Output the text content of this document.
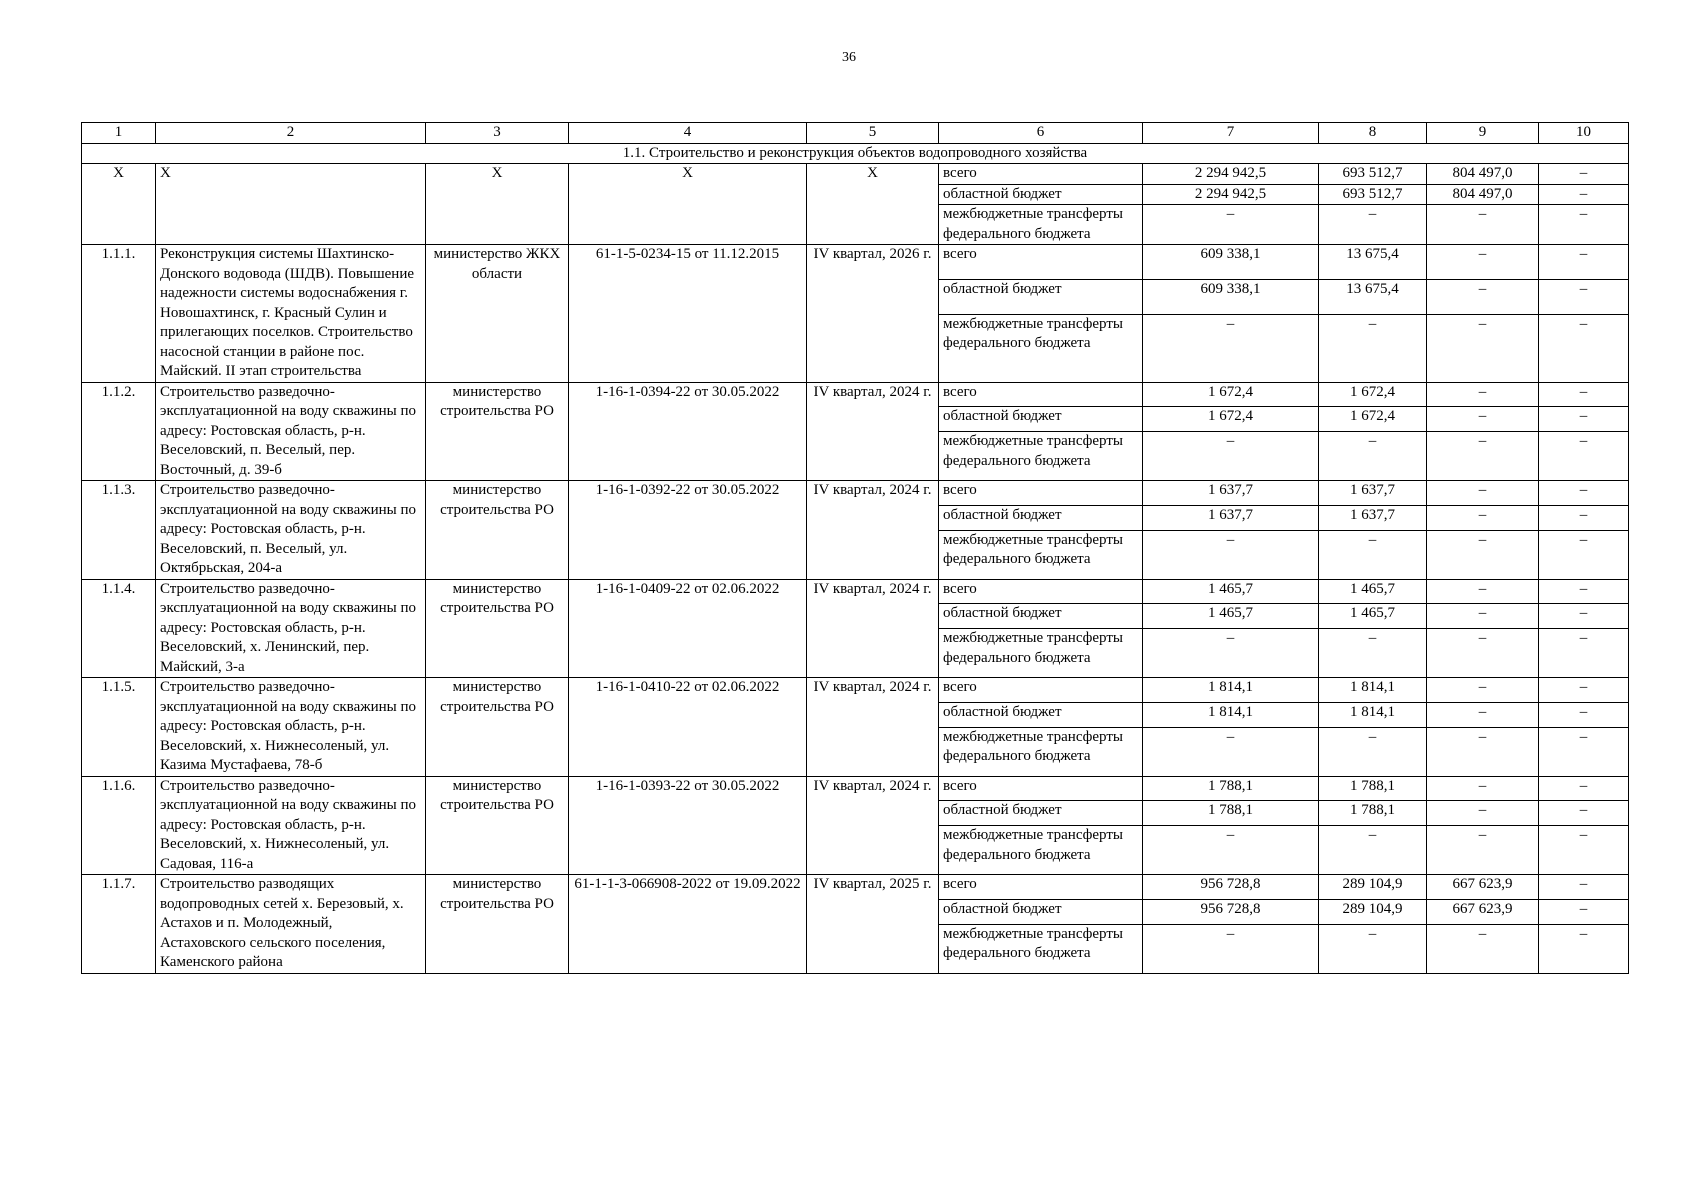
36
1	2	3	4	5	6	7	8	9	10
1.1. Строительство и реконструкция объектов водопроводного хозяйства									
Х	Х	Х	Х	Х	всего	2 294 942,5	693 512,7	804 497,0	–
					областной бюджет	2 294 942,5	693 512,7	804 497,0	–
					межбюджетные трансферты федерального бюджета	–	–	–	–
1.1.1.	Реконструкция системы Шахтинско-Донского водовода (ШДВ). Повышение надежности системы водоснабжения г. Новошахтинск, г. Красный Сулин и прилегающих поселков. Строительство насосной станции в районе пос. Майский. II этап строительства	министерство ЖКХ области	61-1-5-0234-15 от 11.12.2015	IV квартал, 2026 г.	всего	609 338,1	13 675,4	–	–
					областной бюджет	609 338,1	13 675,4	–	–
					межбюджетные трансферты федерального бюджета	–	–	–	–
1.1.2.	Строительство разведочно-эксплуатационной на воду скважины по адресу: Ростовская область, р-н. Веселовский, п. Веселый, пер. Восточный, д. 39-б	министерство строительства РО	1-16-1-0394-22 от 30.05.2022	IV квартал, 2024 г.	всего	1 672,4	1 672,4	–	–
					областной бюджет	1 672,4	1 672,4	–	–
					межбюджетные трансферты федерального бюджета	–	–	–	–
1.1.3.	Строительство разведочно-эксплуатационной на воду скважины по адресу: Ростовская область, р-н. Веселовский, п. Веселый, ул. Октябрьская, 204-а	министерство строительства РО	1-16-1-0392-22 от 30.05.2022	IV квартал, 2024 г.	всего	1 637,7	1 637,7	–	–
					областной бюджет	1 637,7	1 637,7	–	–
					межбюджетные трансферты федерального бюджета	–	–	–	–
1.1.4.	Строительство разведочно-эксплуатационной на воду скважины по адресу: Ростовская область, р-н. Веселовский, х. Ленинский, пер. Майский, 3-а	министерство строительства РО	1-16-1-0409-22 от 02.06.2022	IV квартал, 2024 г.	всего	1 465,7	1 465,7	–	–
					областной бюджет	1 465,7	1 465,7	–	–
					межбюджетные трансферты федерального бюджета	–	–	–	–
1.1.5.	Строительство разведочно-эксплуатационной на воду скважины по адресу: Ростовская область, р-н. Веселовский, х. Нижнесоленый, ул. Казима Мустафаева, 78-б	министерство строительства РО	1-16-1-0410-22 от 02.06.2022	IV квартал, 2024 г.	всего	1 814,1	1 814,1	–	–
					областной бюджет	1 814,1	1 814,1	–	–
					межбюджетные трансферты федерального бюджета	–	–	–	–
1.1.6.	Строительство разведочно-эксплуатационной на воду скважины по адресу: Ростовская область, р-н. Веселовский, х. Нижнесоленый, ул. Садовая, 116-а	министерство строительства РО	1-16-1-0393-22 от 30.05.2022	IV квартал, 2024 г.	всего	1 788,1	1 788,1	–	–
					областной бюджет	1 788,1	1 788,1	–	–
					межбюджетные трансферты федерального бюджета	–	–	–	–
1.1.7.	Строительство разводящих водопроводных сетей х. Березовый, х. Астахов и п. Молодежный, Астаховского сельского поселения, Каменского района	министерство строительства РО	61-1-1-3-066908-2022 от 19.09.2022	IV квартал, 2025 г.	всего	956 728,8	289 104,9	667 623,9	–
					областной бюджет	956 728,8	289 104,9	667 623,9	–
					межбюджетные трансферты федерального бюджета	–	–	–	–
